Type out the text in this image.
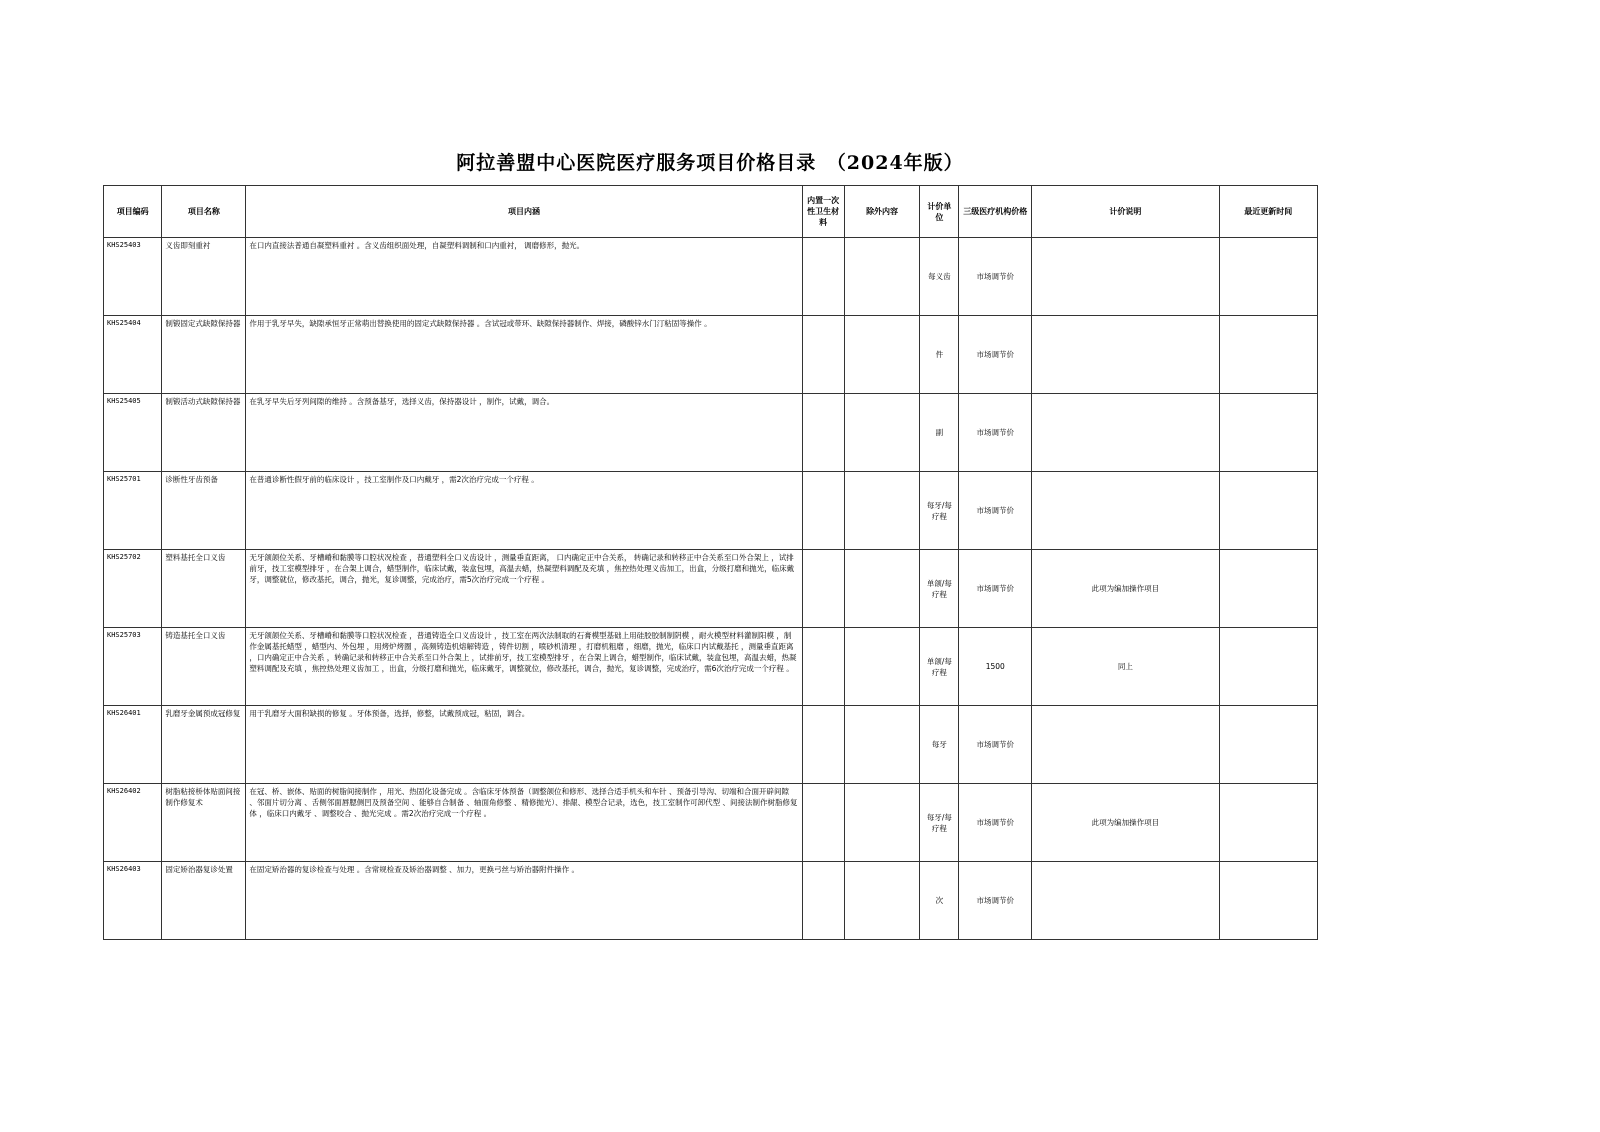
阿拉善盟中心医院医疗服务项目价格目录　（2024年版）
项目编码	项目名称	项目内涵	内置一次性卫生材料	除外内容	计价单位	三级医疗机构价格	计价说明	最近更新时间
KHS25403	义齿即刻重衬	在口内直接法普通自凝塑料重衬 。含义齿组织面处理，自凝塑料调制和口内重衬， 调磨修形，抛光。			每义齿	市场调节价		
KHS25404	制锻固定式缺隙保持器	作用于乳牙早失，缺隙承恒牙正常萌出替换使用的固定式缺隙保持器 。含试冠或带环、缺隙保持器制作、焊接，磷酸锌水门汀粘固等操作 。			件	市场调节价		
KHS25405	制锻活动式缺隙保持器	在乳牙早失后牙列间隙的维持 。含预备基牙，选择义齿，保持器设计 ，制作，试戴，调合。			副	市场调节价		
KHS25701	诊断性牙齿预备	在普通诊断性假牙前的临床设计 ，技工室制作及口内戴牙 ，需2次治疗完成一个疗程 。			每牙/每疗程	市场调节价		
KHS25702	塑料基托全口义齿	无牙颌颌位关系、牙槽嵴和黏膜等口腔状况检查 ，普通塑料全口义齿设计 ，测量垂直距离， 口内确定正中合关系， 转确记录和转移正中合关系至口外合架上 ，试排前牙，技工室模型排牙 ，在合架上调合，蜡型制作，临床试戴，装盒包埋，高温去蜡，热凝塑料调配及充填 ，焦控热处理义齿加工，出盒，分级打磨和抛光，临床戴牙，调整就位，修改基托，调合，抛光，复诊调整，完成治疗，需5次治疗完成一个疗程 。			单颌/每疗程	市场调节价	此项为编加操作项目	
KHS25703	铸造基托全口义齿	无牙颌颌位关系、牙槽嵴和黏膜等口腔状况检查 ，普通铸造全口义齿设计 ，技工室在两次法制取的石膏模型基础上用硅胶胶制制阴模 ，耐火模型材料灌制阳模 ，制作金属基托蜡型 ，蜡型内、外包埋 ，用烤炉烤圈 ，高频铸造机熔解铸造 ，铸件切割 ，喷砂机清理 ，打磨机粗磨 ，细磨，抛光，临床口内试戴基托 ，测量垂直距离 ，口内确定正中合关系 ，转确记录和转移正中合关系至口外合架上 ，试排前牙，技工室模型排牙 ，在合架上调合，蜡型制作，临床试戴，装盒包埋，高温去蜡，热凝塑料调配及充填 ，焦控热处理义齿加工 ，出盒，分级打磨和抛光，临床戴牙，调整就位，修改基托，调合，抛光，复诊调整，完成治疗，需6次治疗完成一个疗程 。			单颌/每疗程	1500	同上	
KHS26401	乳磨牙金属预成冠修复	用于乳磨牙大面积缺损的修复 。牙体预备，选择，修整，试戴预成冠，粘固，调合。			每牙	市场调节价		
KHS26402	树脂粘接桥体贴面间接制作修复术	在冠、桥、嵌体、贴面的树脂间接制作 ，用光、热固化设备完成 。含临床牙体预备（调整颌位和修形、选择合适手机头和车针 、预备引导沟、切端和合面开辟间隙 、邻面片切分离 、舌侧邻面唇腮侧凹及预备空间 、能够自合制备 、轴面角修整 、精修抛光）、排龈、模型合记录，选色，技工室制作可卸代型 、间接法制作树脂修复体 ，临床口内戴牙 、调整咬合 、抛光完成 。需2次治疗完成一个疗程 。			每牙/每疗程	市场调节价	此项为编加操作项目	
KHS26403	固定矫治器复诊处置	在固定矫治器的复诊检查与处理 。含常规检查及矫治器调整 、加力，更换弓丝与矫治器附件操作 。			次	市场调节价		
